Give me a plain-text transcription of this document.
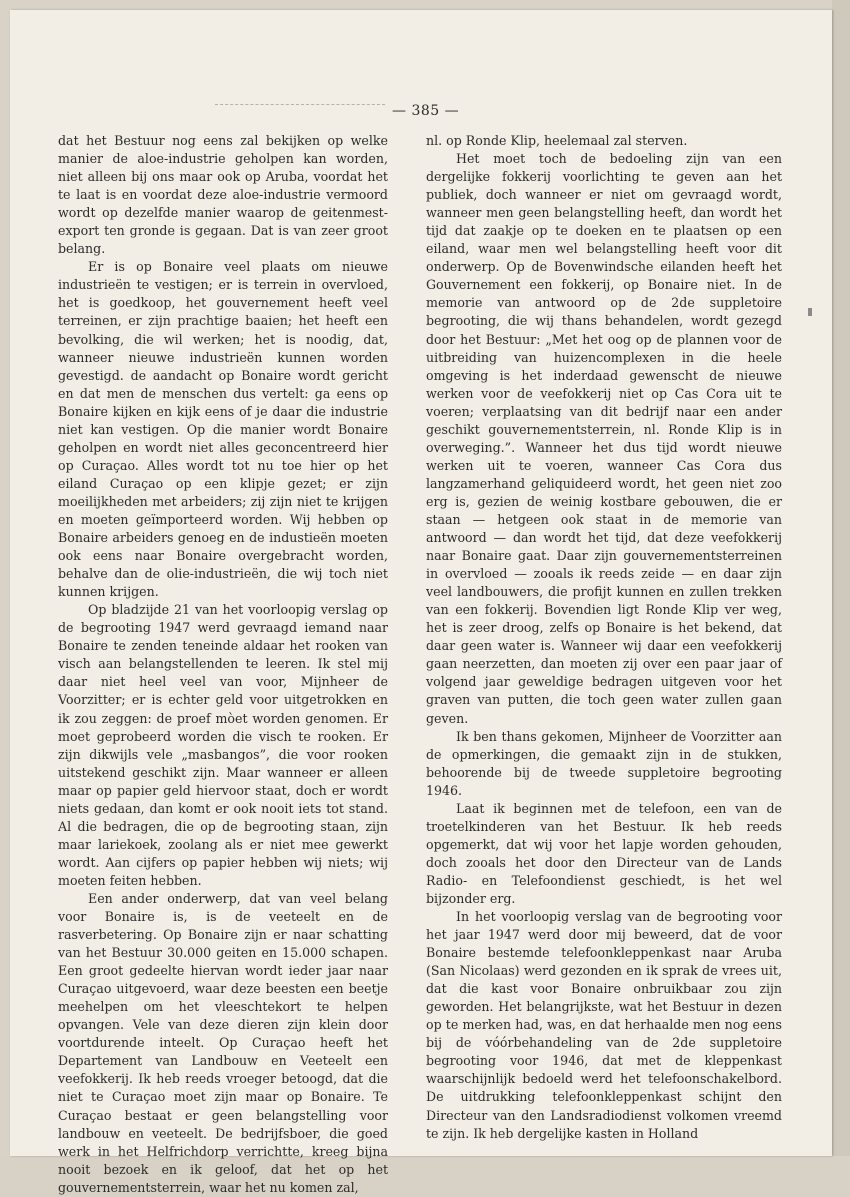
— 385 —

dat het Bestuur nog eens zal bekijken op welke manier de aloe-industrie geholpen kan worden, niet alleen bij ons maar ook op Aruba, voordat het te laat is en voordat deze aloe-industrie vermoord wordt op dezelfde manier waarop de geitenmest-export ten gronde is gegaan. Dat is van zeer groot belang.

Er is op Bonaire veel plaats om nieuwe industrieën te vestigen; er is terrein in overvloed, het is goedkoop, het gouvernement heeft veel terreinen, er zijn prachtige baaien; het heeft een bevolking, die wil werken; het is noodig, dat, wanneer nieuwe industrieën kunnen worden gevestigd. de aandacht op Bonaire wordt gericht en dat men de menschen dus vertelt: ga eens op Bonaire kijken en kijk eens of je daar die industrie niet kan vestigen. Op die manier wordt Bonaire geholpen en wordt niet alles geconcentreerd hier op Curaçao. Alles wordt tot nu toe hier op het eiland Curaçao op een klipje gezet; er zijn moeilijkheden met arbeiders; zij zijn niet te krijgen en moeten geïmporteerd worden. Wij hebben op Bonaire arbeiders genoeg en de industieën moeten ook eens naar Bonaire overgebracht worden, behalve dan de olie-industrieën, die wij toch niet kunnen krijgen.

Op bladzijde 21 van het voorloopig verslag op de begrooting 1947 werd gevraagd iemand naar Bonaire te zenden teneinde aldaar het rooken van visch aan belangstellenden te leeren. Ik stel mij daar niet heel veel van voor, Mijnheer de Voorzitter; er is echter geld voor uitgetrokken en ik zou zeggen: de proef mòet worden genomen. Er moet geprobeerd worden die visch te rooken. Er zijn dikwijls vele „masbangos”, die voor rooken uitstekend geschikt zijn. Maar wanneer er alleen maar op papier geld hiervoor staat, doch er wordt niets gedaan, dan komt er ook nooit iets tot stand. Al die bedragen, die op de begrooting staan, zijn maar lariekoek, zoolang als er niet mee gewerkt wordt. Aan cijfers op papier hebben wij niets; wij moeten feiten hebben.

Een ander onderwerp, dat van veel belang voor Bonaire is, is de veeteelt en de rasverbetering. Op Bonaire zijn er naar schatting van het Bestuur 30.000 geiten en 15.000 schapen. Een groot gedeelte hiervan wordt ieder jaar naar Curaçao uitgevoerd, waar deze beesten een beetje meehelpen om het vleeschtekort te helpen opvangen. Vele van deze dieren zijn klein door voortdurende inteelt. Op Curaçao heeft het Departement van Landbouw en Veeteelt een veefokkerij. Ik heb reeds vroeger betoogd, dat die niet te Curaçao moet zijn maar op Bonaire. Te Curaçao bestaat er geen belangstelling voor landbouw en veeteelt. De bedrijfsboer, die goed werk in het Helfrichdorp verrichtte, kreeg bijna nooit bezoek en ik geloof, dat het op het gouvernementsterrein, waar het nu komen zal,

nl. op Ronde Klip, heelemaal zal sterven.

Het moet toch de bedoeling zijn van een dergelijke fokkerij voorlichting te geven aan het publiek, doch wanneer er niet om gevraagd wordt, wanneer men geen belangstelling heeft, dan wordt het tijd dat zaakje op te doeken en te plaatsen op een eiland, waar men wel belangstelling heeft voor dit onderwerp. Op de Bovenwindsche eilanden heeft het Gouvernement een fokkerij, op Bonaire niet. In de memorie van antwoord op de 2de suppletoire begrooting, die wij thans behandelen, wordt gezegd door het Bestuur: „Met het oog op de plannen voor de uitbreiding van huizencomplexen in die heele omgeving is het inderdaad gewenscht de nieuwe werken voor de veefokkerij niet op Cas Cora uit te voeren; verplaatsing van dit bedrijf naar een ander geschikt gouvernementsterrein, nl. Ronde Klip is in overweging.”. Wanneer het dus tijd wordt nieuwe werken uit te voeren, wanneer Cas Cora dus langzamerhand geliquideerd wordt, het geen niet zoo erg is, gezien de weinig kostbare gebouwen, die er staan — hetgeen ook staat in de memorie van antwoord — dan wordt het tijd, dat deze veefokkerij naar Bonaire gaat. Daar zijn gouvernementsterreinen in overvloed — zooals ik reeds zeide — en daar zijn veel landbouwers, die profijt kunnen en zullen trekken van een fokkerij. Bovendien ligt Ronde Klip ver weg, het is zeer droog, zelfs op Bonaire is het bekend, dat daar geen water is. Wanneer wij daar een veefokkerij gaan neerzetten, dan moeten zij over een paar jaar of volgend jaar geweldige bedragen uitgeven voor het graven van putten, die toch geen water zullen gaan geven.

Ik ben thans gekomen, Mijnheer de Voorzitter aan de opmerkingen, die gemaakt zijn in de stukken, behoorende bij de tweede suppletoire begrooting 1946.

Laat ik beginnen met de telefoon, een van de troetelkinderen van het Bestuur. Ik heb reeds opgemerkt, dat wij voor het lapje worden gehouden, doch zooals het door den Directeur van de Lands Radio- en Telefoondienst geschiedt, is het wel bijzonder erg.

In het voorloopig verslag van de begrooting voor het jaar 1947 werd door mij beweerd, dat de voor Bonaire bestemde telefoonkleppenkast naar Aruba (San Nicolaas) werd gezonden en ik sprak de vrees uit, dat die kast voor Bonaire onbruikbaar zou zijn geworden. Het belangrijkste, wat het Bestuur in dezen op te merken had, was, en dat herhaalde men nog eens bij de vóórbehandeling van de 2de suppletoire begrooting voor 1946, dat met de kleppenkast waarschijnlijk bedoeld werd het telefoonschakelbord. De uitdrukking telefoonkleppenkast schijnt den Directeur van den Landsradiodienst volkomen vreemd te zijn. Ik heb dergelijke kasten in Holland
